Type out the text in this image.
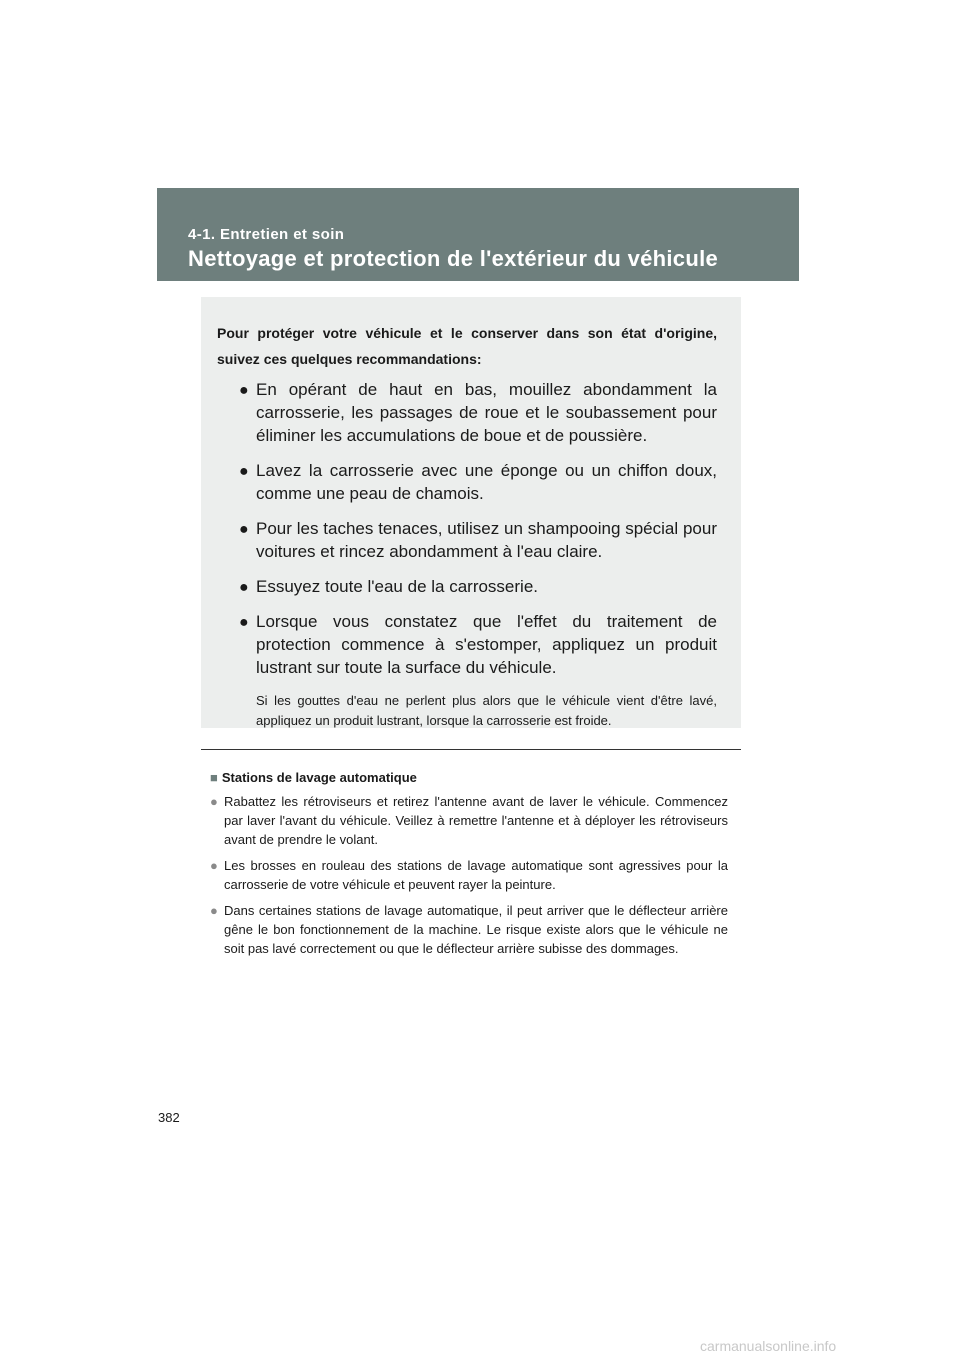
4-1. Entretien et soin
Nettoyage et protection de l'extérieur du véhicule

Pour protéger votre véhicule et le conserver dans son état d'origine, suivez ces quelques recommandations:

● En opérant de haut en bas, mouillez abondamment la carrosserie, les passages de roue et le soubassement pour éliminer les accumulations de boue et de poussière.
● Lavez la carrosserie avec une éponge ou un chiffon doux, comme une peau de chamois.
● Pour les taches tenaces, utilisez un shampooing spécial pour voitures et rincez abondamment à l'eau claire.
● Essuyez toute l'eau de la carrosserie.
● Lorsque vous constatez que l'effet du traitement de protection commence à s'estomper, appliquez un produit lustrant sur toute la surface du véhicule.
Si les gouttes d'eau ne perlent plus alors que le véhicule vient d'être lavé, appliquez un produit lustrant, lorsque la carrosserie est froide.
■ Stations de lavage automatique
● Rabattez les rétroviseurs et retirez l'antenne avant de laver le véhicule. Commencez par laver l'avant du véhicule. Veillez à remettre l'antenne et à déployer les rétroviseurs avant de prendre le volant.
● Les brosses en rouleau des stations de lavage automatique sont agressives pour la carrosserie de votre véhicule et peuvent rayer la peinture.
● Dans certaines stations de lavage automatique, il peut arriver que le déflecteur arrière gêne le bon fonctionnement de la machine. Le risque existe alors que le véhicule ne soit pas lavé correctement ou que le déflecteur arrière subisse des dommages.
382
carmanualsonline.info
